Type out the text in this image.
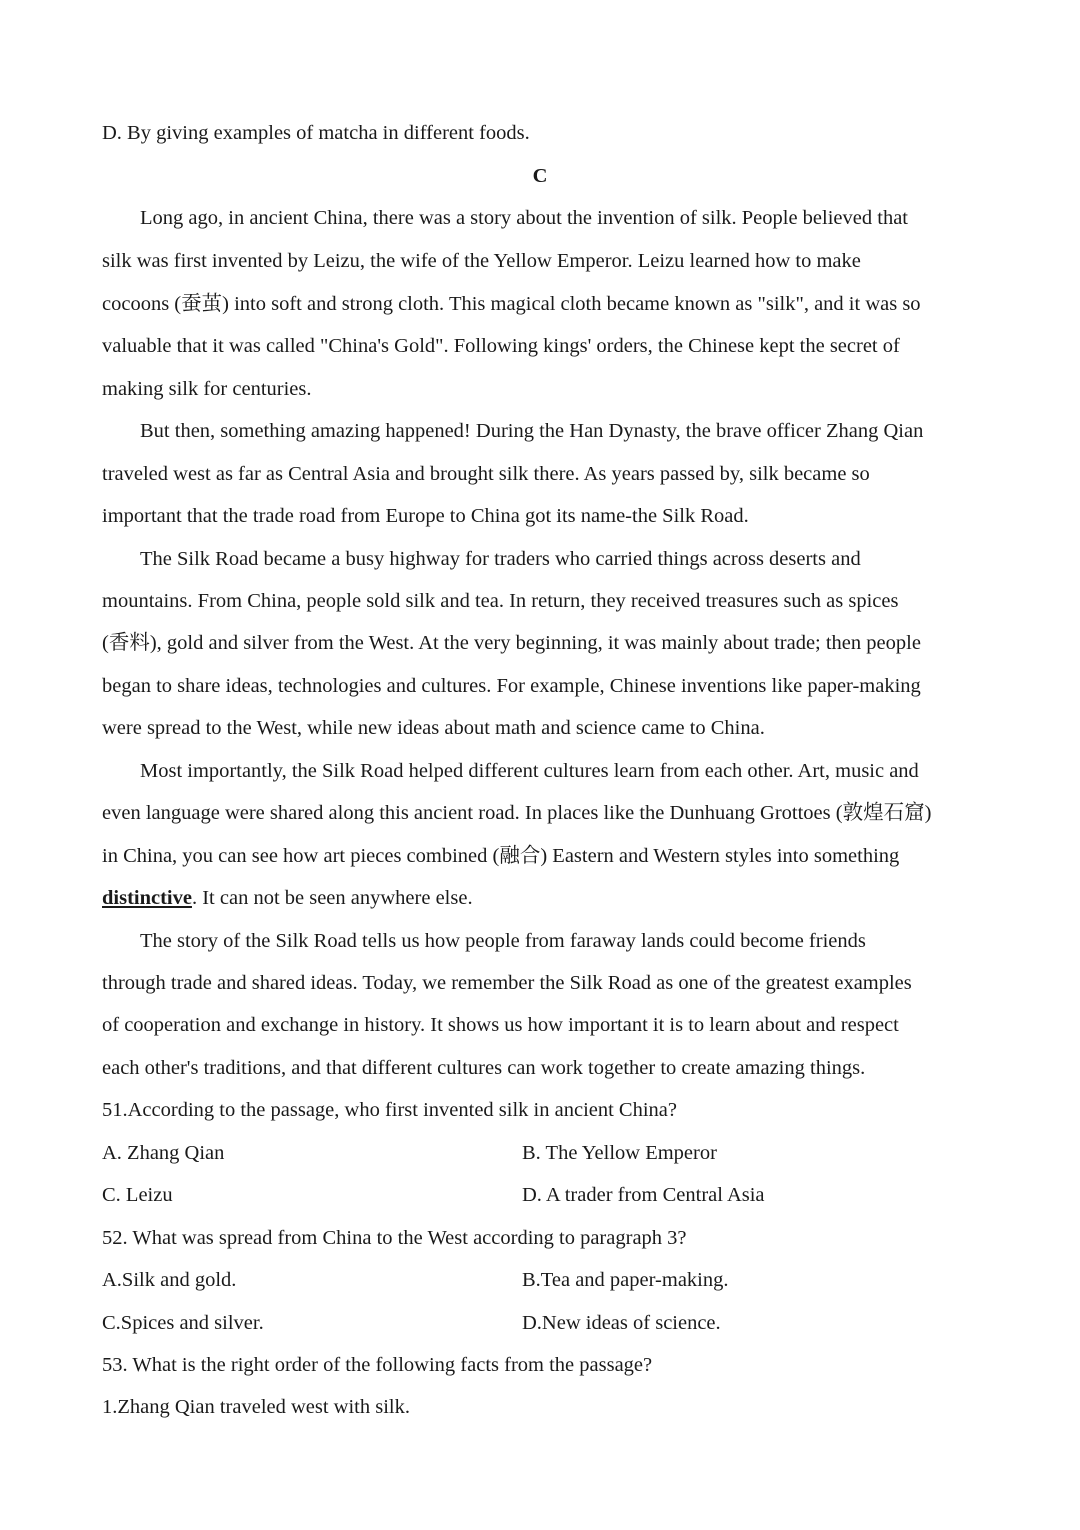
D. By giving examples of matcha in different foods.
C
Long ago, in ancient China, there was a story about the invention of silk. People believed that
silk was first invented by Leizu, the wife of the Yellow Emperor. Leizu learned how to make
cocoons (蚕茧) into soft and strong cloth. This magical cloth became known as "silk", and it was so
valuable that it was called "China's Gold". Following kings' orders, the Chinese kept the secret of
making silk for centuries.
But then, something amazing happened! During the Han Dynasty, the brave officer Zhang Qian
traveled west as far as Central Asia and brought silk there. As years passed by, silk became so
important that the trade road from Europe to China got its name-the Silk Road.
The Silk Road became a busy highway for traders who carried things across deserts and
mountains. From China, people sold silk and tea. In return, they received treasures such as spices
(香料), gold and silver from the West. At the very beginning, it was mainly about trade; then people
began to share ideas, technologies and cultures. For example, Chinese inventions like paper-making
were spread to the West, while new ideas about math and science came to China.
Most importantly, the Silk Road helped different cultures learn from each other. Art, music and
even language were shared along this ancient road. In places like the Dunhuang Grottoes (敦煌石窟)
in China, you can see how art pieces combined (融合) Eastern and Western styles into something
distinctive. It can not be seen anywhere else.
The story of the Silk Road tells us how people from faraway lands could become friends
through trade and shared ideas. Today, we remember the Silk Road as one of the greatest examples
of cooperation and exchange in history. It shows us how important it is to learn about and respect
each other's traditions, and that different cultures can work together to create amazing things.
51.According to the passage, who first invented silk in ancient China?
A. Zhang Qian	B. The Yellow Emperor
C. Leizu	D. A trader from Central Asia
52. What was spread from China to the West according to paragraph 3?
A.Silk and gold.	B.Tea and paper-making.
C.Spices and silver.	D.New ideas of science.
53. What is the right order of the following facts from the passage?
1.Zhang Qian traveled west with silk.
